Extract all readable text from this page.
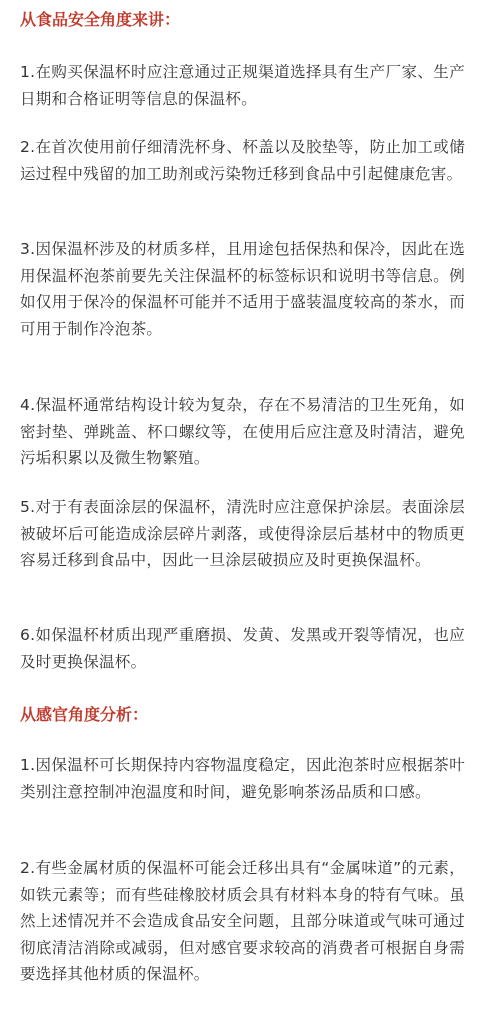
从食品安全角度来讲：

1.在购买保温杯时应注意通过正规渠道选择具有生产厂家、生产日期和合格证明等信息的保温杯。

2.在首次使用前仔细清洗杯身、杯盖以及胶垫等，防止加工或储运过程中残留的加工助剂或污染物迁移到食品中引起健康危害。

3.因保温杯涉及的材质多样，且用途包括保热和保冷，因此在选用保温杯泡茶前要先关注保温杯的标签标识和说明书等信息。例如仅用于保冷的保温杯可能并不适用于盛装温度较高的茶水，而可用于制作冷泡茶。

4.保温杯通常结构设计较为复杂，存在不易清洁的卫生死角，如密封垫、弹跳盖、杯口螺纹等，在使用后应注意及时清洁，避免污垢积累以及微生物繁殖。

5.对于有表面涂层的保温杯，清洗时应注意保护涂层。表面涂层被破坏后可能造成涂层碎片剥落，或使得涂层后基材中的物质更容易迁移到食品中，因此一旦涂层破损应及时更换保温杯。

6.如保温杯材质出现严重磨损、发黄、发黑或开裂等情况，也应及时更换保温杯。

从感官角度分析：

1.因保温杯可长期保持内容物温度稳定，因此泡茶时应根据茶叶类别注意控制冲泡温度和时间，避免影响茶汤品质和口感。

2.有些金属材质的保温杯可能会迁移出具有“金属味道”的元素，如铁元素等；而有些硅橡胶材质会具有材料本身的特有气味。虽然上述情况并不会造成食品安全问题，且部分味道或气味可通过彻底清洁消除或减弱，但对感官要求较高的消费者可根据自身需要选择其他材质的保温杯。
